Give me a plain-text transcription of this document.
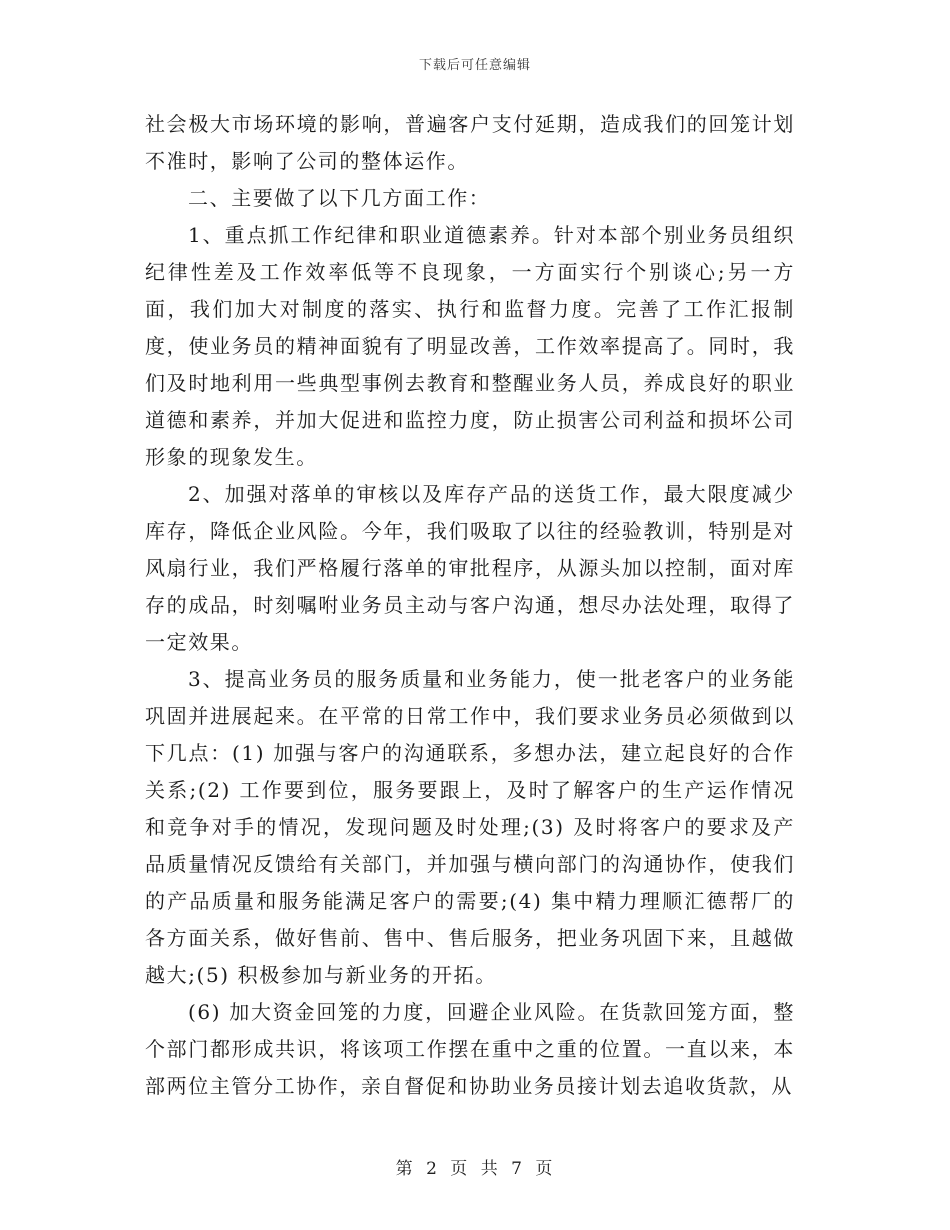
下载后可任意编辑

社会极大市场环境的影响，普遍客户支付延期，造成我们的回笼计划不准时，影响了公司的整体运作。

二、主要做了以下几方面工作：

1、重点抓工作纪律和职业道德素养。针对本部个别业务员组织纪律性差及工作效率低等不良现象，一方面实行个别谈心;另一方面，我们加大对制度的落实、执行和监督力度。完善了工作汇报制度，使业务员的精神面貌有了明显改善，工作效率提高了。同时，我们及时地利用一些典型事例去教育和整醒业务人员，养成良好的职业道德和素养，并加大促进和监控力度，防止损害公司利益和损坏公司形象的现象发生。

2、加强对落单的审核以及库存产品的送货工作，最大限度减少库存，降低企业风险。今年，我们吸取了以往的经验教训，特别是对风扇行业，我们严格履行落单的审批程序，从源头加以控制，面对库存的成品，时刻嘱咐业务员主动与客户沟通，想尽办法处理，取得了一定效果。

3、提高业务员的服务质量和业务能力，使一批老客户的业务能巩固并进展起来。在平常的日常工作中，我们要求业务员必须做到以下几点：(1) 加强与客户的沟通联系，多想办法，建立起良好的合作关系;(2) 工作要到位，服务要跟上，及时了解客户的生产运作情况和竞争对手的情况，发现问题及时处理;(3) 及时将客户的要求及产品质量情况反馈给有关部门，并加强与横向部门的沟通协作，使我们的产品质量和服务能满足客户的需要;(4) 集中精力理顺汇德帮厂的各方面关系，做好售前、售中、售后服务，把业务巩固下来，且越做越大;(5) 积极参加与新业务的开拓。

(6) 加大资金回笼的力度，回避企业风险。在货款回笼方面，整个部门都形成共识，将该项工作摆在重中之重的位置。一直以来，本部两位主管分工协作，亲自督促和协助业务员接计划去追收货款，从

第 2 页 共 7 页
